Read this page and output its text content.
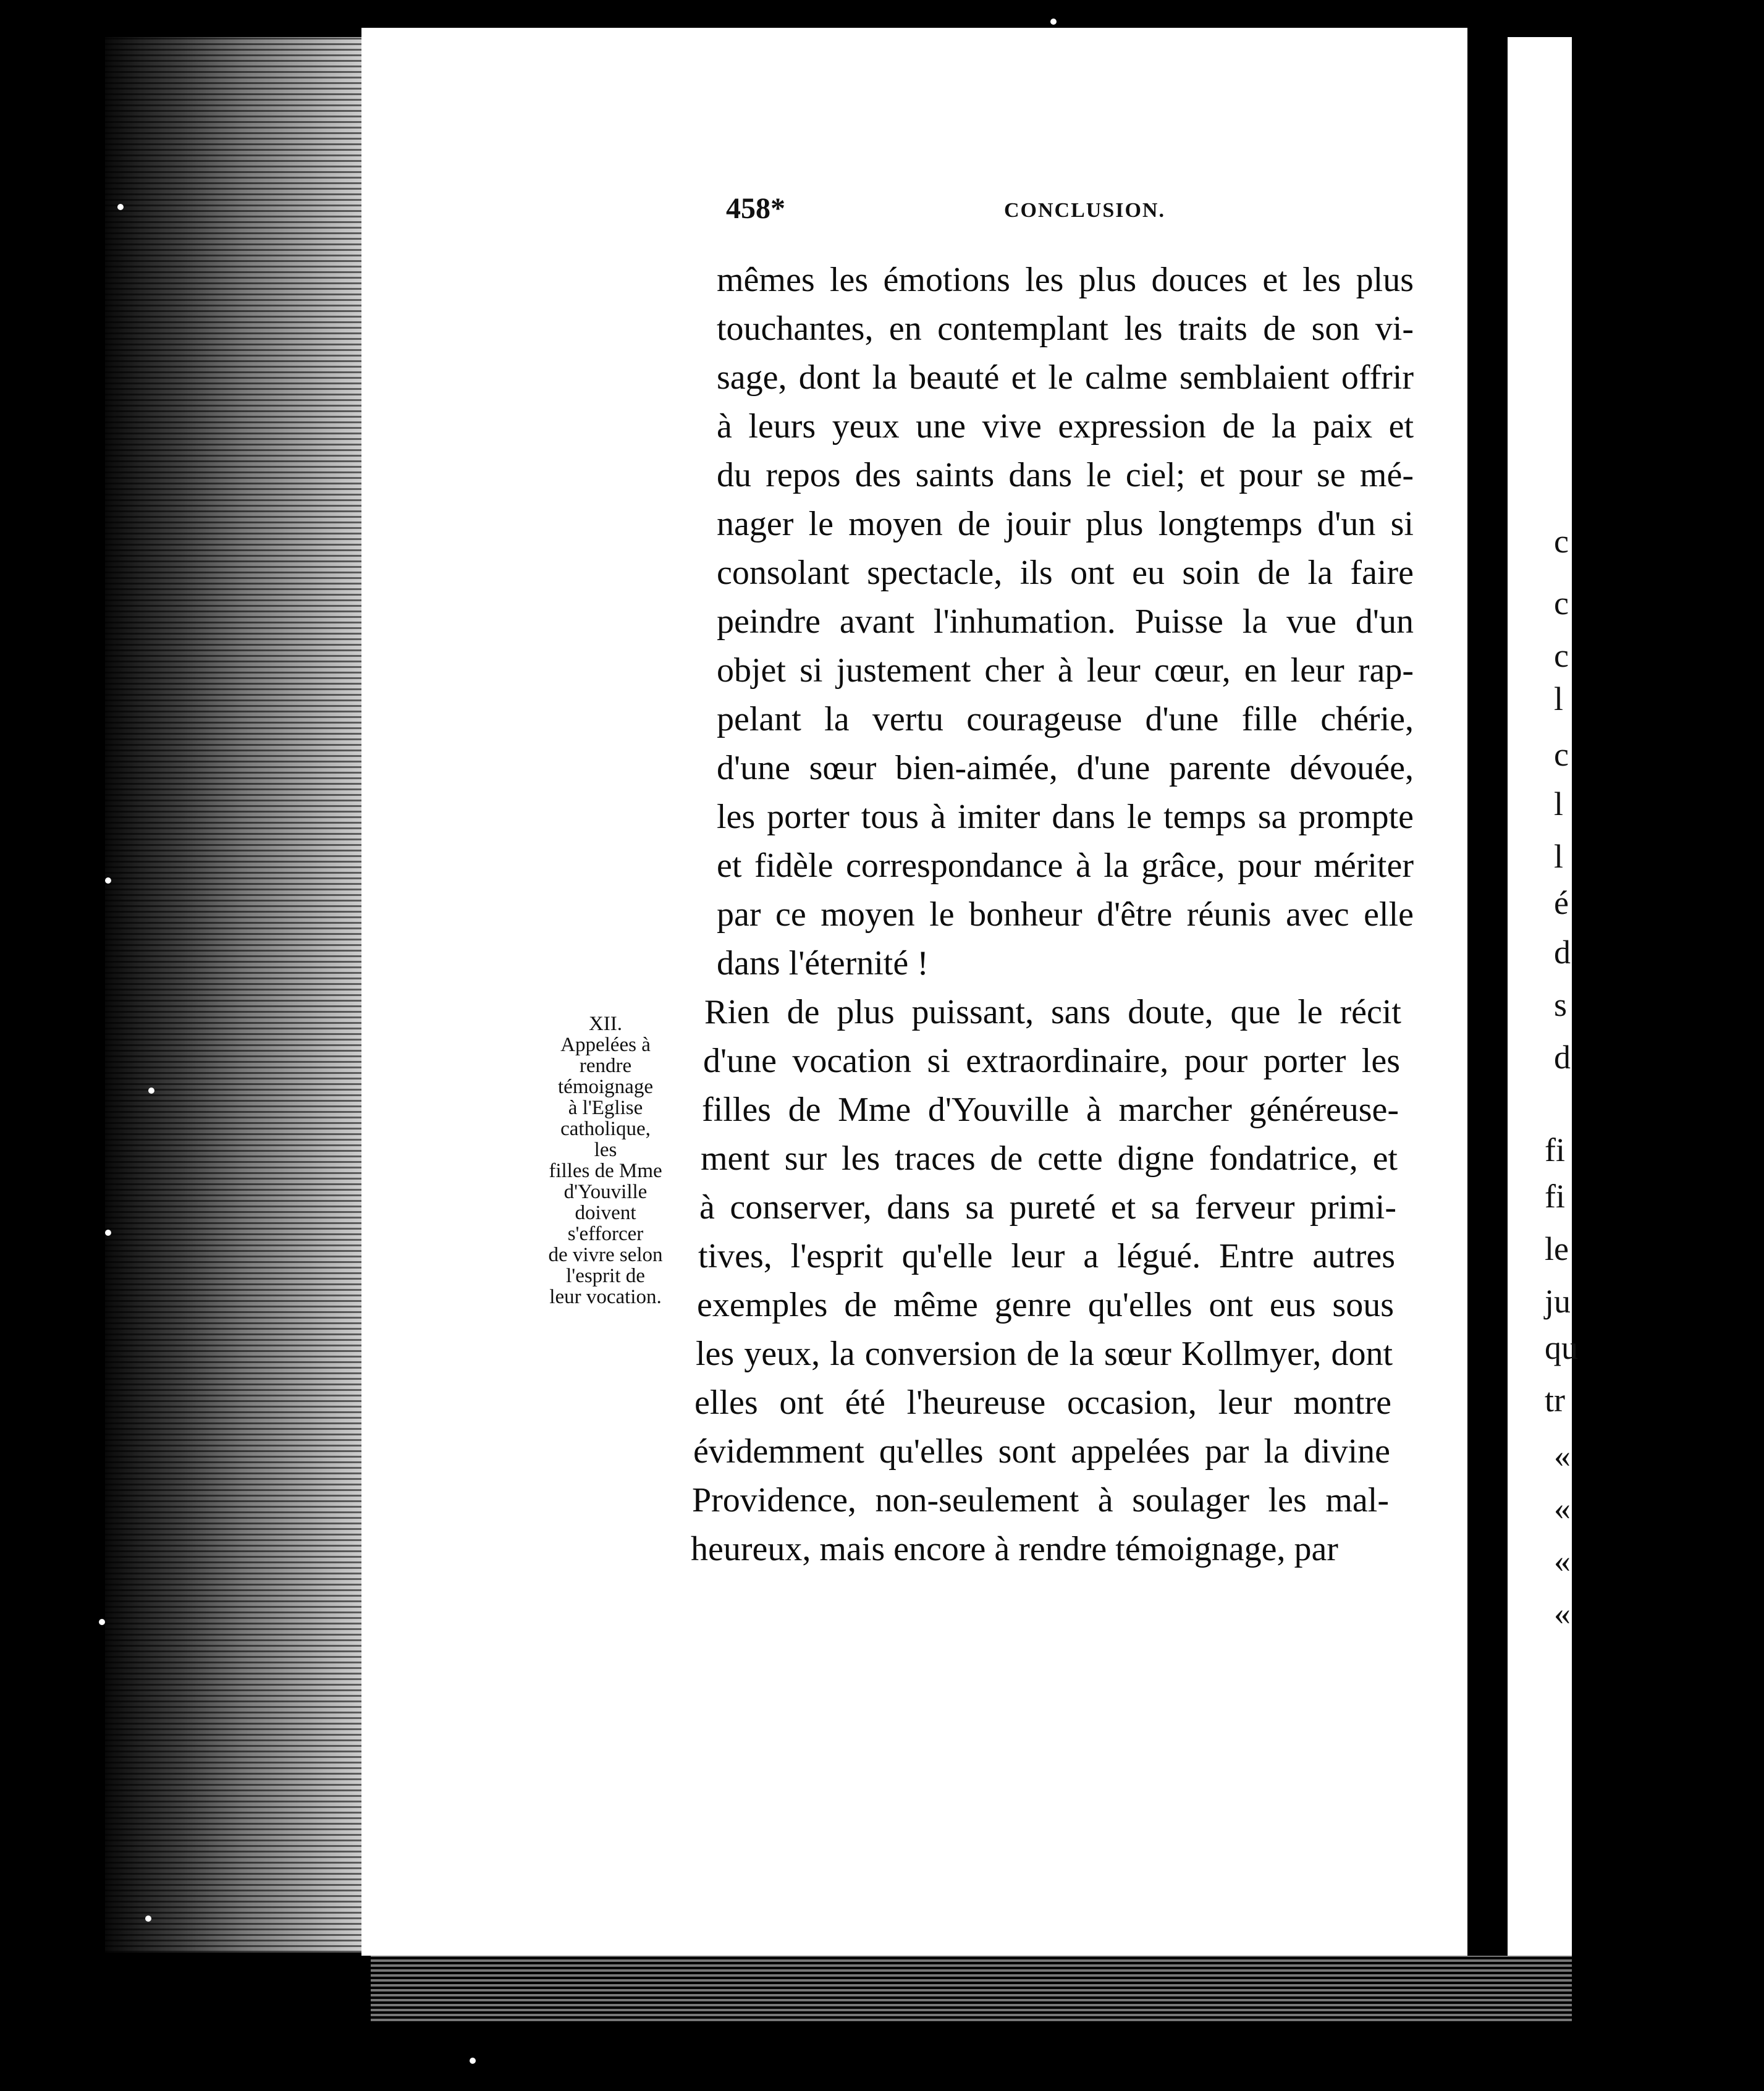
458*	CONCLUSION.
XII.
Appelées à
rendre
témoignage
à l'Eglise
catholique,
les
filles de Mme
d'Youville
doivent
s'efforcer
de vivre selon
l'esprit de
leur vocation.
mêmes les émotions les plus douces et les plus
touchantes, en contemplant les traits de son vi-
sage, dont la beauté et le calme semblaient offrir
à leurs yeux une vive expression de la paix et
du repos des saints dans le ciel; et pour se mé-
nager le moyen de jouir plus longtemps d'un si
consolant spectacle, ils ont eu soin de la faire
peindre avant l'inhumation. Puisse la vue d'un
objet si justement cher à leur cœur, en leur rap-
pelant la vertu courageuse d'une fille chérie,
d'une sœur bien-aimée, d'une parente dévouée,
les porter tous à imiter dans le temps sa prompte
et fidèle correspondance à la grâce, pour mériter
par ce moyen le bonheur d'être réunis avec elle
dans l'éternité !
Rien de plus puissant, sans doute, que le récit
d'une vocation si extraordinaire, pour porter les
filles de Mme d'Youville à marcher généreuse-
ment sur les traces de cette digne fondatrice, et
à conserver, dans sa pureté et sa ferveur primi-
tives, l'esprit qu'elle leur a légué. Entre autres
exemples de même genre qu'elles ont eus sous
les yeux, la conversion de la sœur Kollmyer, dont
elles ont été l'heureuse occasion, leur montre
évidemment qu'elles sont appelées par la divine
Providence, non-seulement à soulager les mal-
heureux, mais encore à rendre témoignage, par
c
c
c
l
c
l
l
é
d
s
d
fi
fi
le
ju
qu
tr
«
«
«
«
